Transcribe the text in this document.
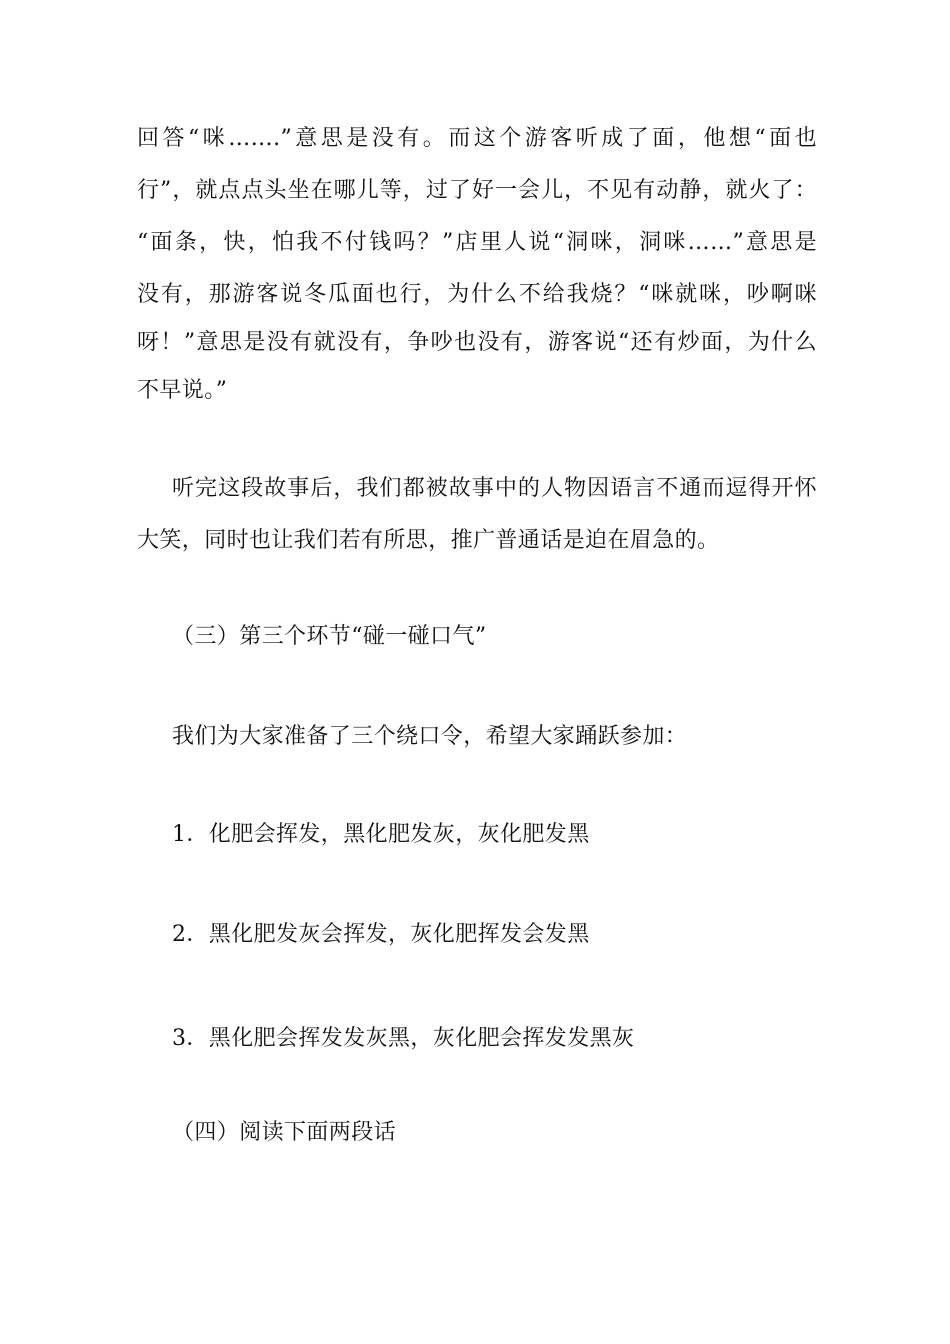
回答“咪…….”意思是没有。而这个游客听成了面，他想“面也
行”，就点点头坐在哪儿等，过了好一会儿，不见有动静，就火了：
“面条，快，怕我不付钱吗？”店里人说“洞咪，洞咪……”意思是
没有，那游客说冬瓜面也行，为什么不给我烧？“咪就咪，吵啊咪
呀！”意思是没有就没有，争吵也没有，游客说“还有炒面，为什么
不早说。”
听完这段故事后，我们都被故事中的人物因语言不通而逗得开怀
大笑，同时也让我们若有所思，推广普通话是迫在眉急的。
（三）第三个环节“碰一碰口气”
我们为大家准备了三个绕口令，希望大家踊跃参加：
1．化肥会挥发，黑化肥发灰，灰化肥发黑
2．黑化肥发灰会挥发，灰化肥挥发会发黑
3．黑化肥会挥发发灰黑，灰化肥会挥发发黑灰
（四）阅读下面两段话
